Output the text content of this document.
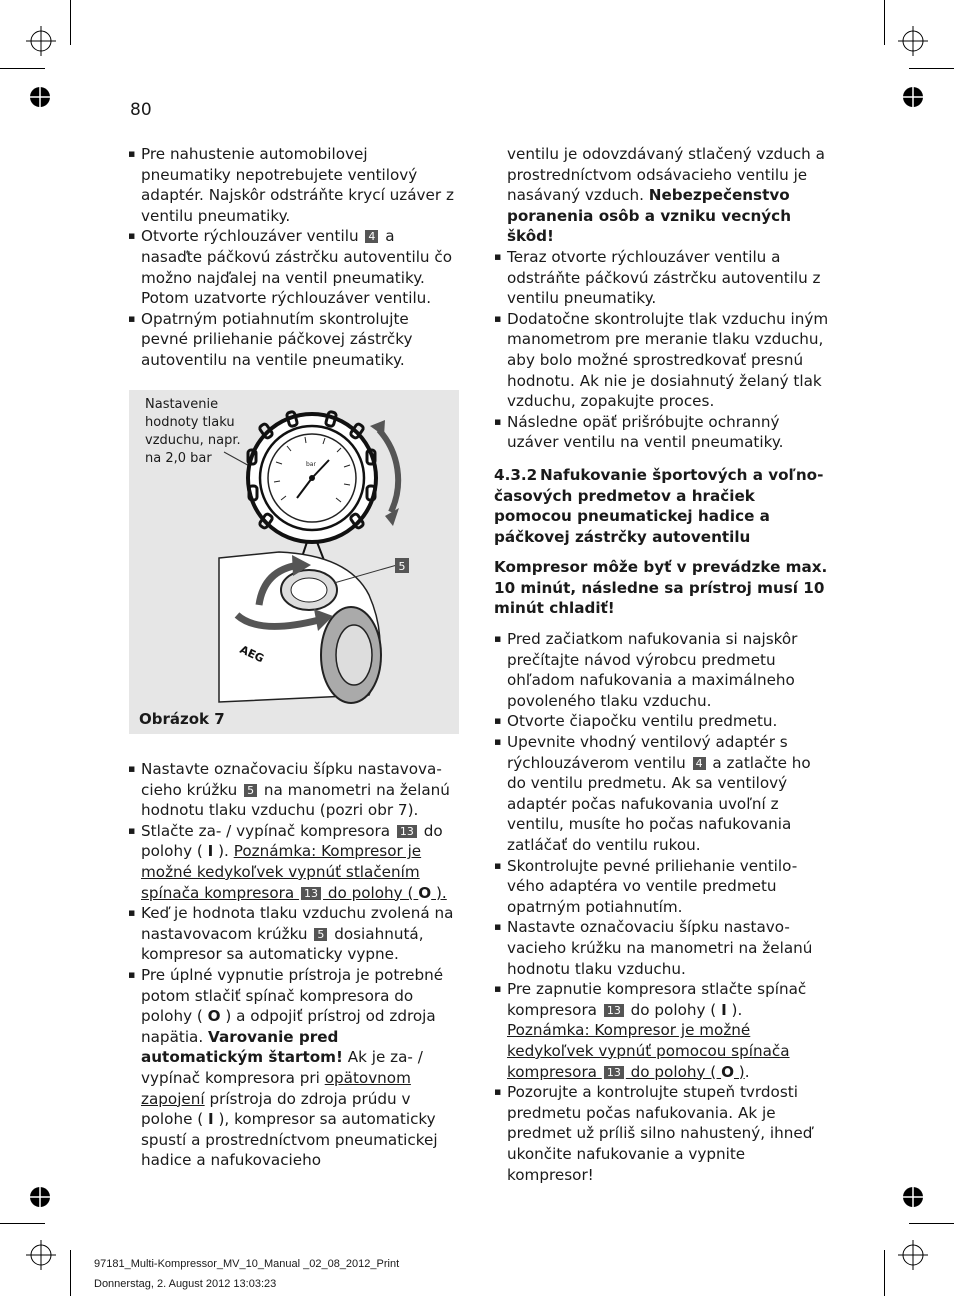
80
▪ Pre nahustenie automobilovej pneumatiky nepotrebujete ventilový adaptér. Najskôr odstráňte krycí uzáver z ventilu pneumatiky.
▪ Otvorte rýchlouzáver ventilu 4 a nasaďte páčkovú zástrčku autoventilu čo možno najďalej na ventil pneumatiky. Potom uzatvorte rýchlouzáver ventilu.
▪ Opatrným potiahnutím skontrolujte pevné priliehanie páčkovej zástrčky autoventilu na ventile pneumatiky.
Nastavenie hodnoty tlaku vzduchu, napr. na 2,0 bar	bar
AEG
5
Obrázok 7
▪ Nastavte označovaciu šípku nastavova-cieho krúžku 5 na manometri na želanú hodnotu tlaku vzduchu (pozri obr 7).
▪ Stlačte za- / vypínač kompresora 13 do polohy ( I ). Poznámka: Kompresor je možné kedykoľvek vypnúť stlačením spínača kompresora 13 do polohy ( O ).
▪ Keď je hodnota tlaku vzduchu zvolená na nastavovacom krúžku 5 dosiahnutá, kompresor sa automaticky vypne.
▪ Pre úplné vypnutie prístroja je potrebné potom stlačiť spínač kompresora do polohy ( O ) a odpojiť prístroj od zdroja napätia. Varovanie pred automatickým štartom! Ak je za- / vypínač kompresora pri opätovnom zapojení prístroja do zdroja prúdu v polohe ( I ), kompresor sa automaticky spustí a prostredníctvom pneumatickej hadice a nafukovacieho
ventilu je odovzdávaný stlačený vzduch a prostredníctvom odsávacieho ventilu je nasávaný vzduch. Nebezpečenstvo poranenia osôb a vzniku vecných škôd!
▪ Teraz otvorte rýchlouzáver ventilu a odstráňte páčkovú zástrčku autoventilu z ventilu pneumatiky.
▪ Dodatočne skontrolujte tlak vzduchu iným manometrom pre meranie tlaku vzduchu, aby bolo možné sprostredkovať presnú hodnotu. Ak nie je dosiahnutý želaný tlak vzduchu, zopakujte proces.
▪ Následne opäť prišróbujte ochranný uzáver ventilu na ventil pneumatiky.
4.3.2 Nafukovanie športových a voľno-časových predmetov a hračiek pomocou pneumatickej hadice a páčkovej zástrčky autoventilu
Kompresor môže byť v prevádzke max. 10 minút, následne sa prístroj musí 10 minút chladiť!
▪ Pred začiatkom nafukovania si najskôr prečítajte návod výrobcu predmetu ohľadom nafukovania a maximálneho povoleného tlaku vzduchu.
▪ Otvorte čiapočku ventilu predmetu.
▪ Upevnite vhodný ventilový adaptér s rýchlouzáverom ventilu 4 a zatlačte ho do ventilu predmetu. Ak sa ventilový adaptér počas nafukovania uvoľní z ventilu, musíte ho počas nafukovania zatláčať do ventilu rukou.
▪ Skontrolujte pevné priliehanie ventilo-vého adaptéra vo ventile predmetu opatrným potiahnutím.
▪ Nastavte označovaciu šípku nastavo-vacieho krúžku na manometri na želanú hodnotu tlaku vzduchu.
▪ Pre zapnutie kompresora stlačte spínač kompresora 13 do polohy ( I ). Poznámka: Kompresor je možné kedykoľvek vypnúť pomocou spínača kompresora 13 do polohy ( O ).
▪ Pozorujte a kontrolujte stupeň tvrdosti predmetu počas nafukovania. Ak je predmet už príliš silno nahustený, ihneď ukončite nafukovanie a vypnite kompresor!
97181_Multi-Kompressor_MV_10_Manual _02_08_2012_Print
Donnerstag, 2. August 2012 13:03:23
